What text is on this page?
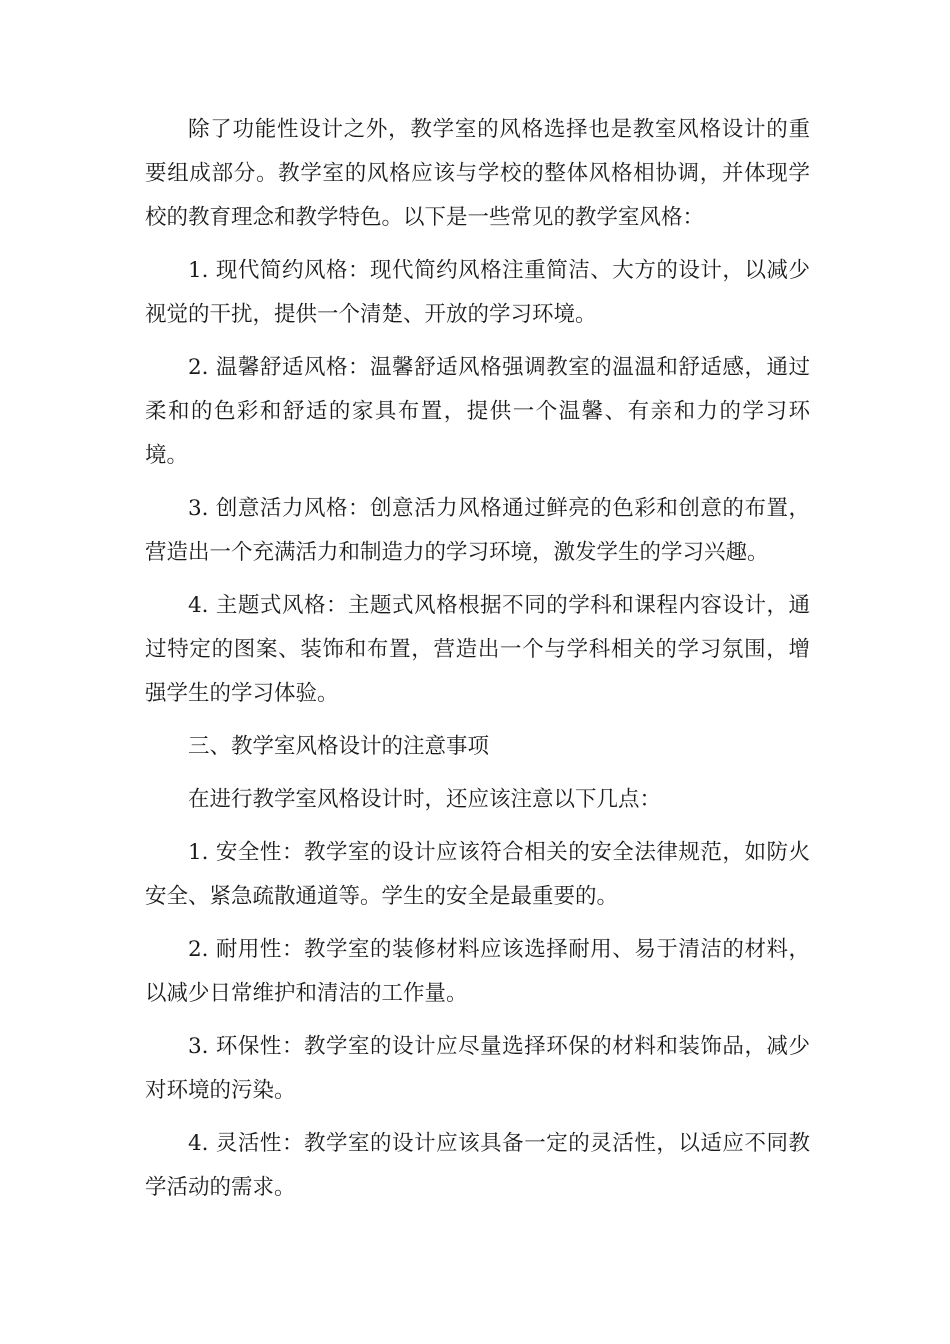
除了功能性设计之外，教学室的风格选择也是教室风格设计的重要组成部分。教学室的风格应该与学校的整体风格相协调，并体现学校的教育理念和教学特色。以下是一些常见的教学室风格：

1. 现代简约风格：现代简约风格注重简洁、大方的设计，以减少视觉的干扰，提供一个清楚、开放的学习环境。

2. 温馨舒适风格：温馨舒适风格强调教室的温温和舒适感，通过柔和的色彩和舒适的家具布置，提供一个温馨、有亲和力的学习环境。

3. 创意活力风格：创意活力风格通过鲜亮的色彩和创意的布置，营造出一个充满活力和制造力的学习环境，激发学生的学习兴趣。

4. 主题式风格：主题式风格根据不同的学科和课程内容设计，通过特定的图案、装饰和布置，营造出一个与学科相关的学习氛围，增强学生的学习体验。

三、教学室风格设计的注意事项

在进行教学室风格设计时，还应该注意以下几点：

1. 安全性：教学室的设计应该符合相关的安全法律规范，如防火安全、紧急疏散通道等。学生的安全是最重要的。

2. 耐用性：教学室的装修材料应该选择耐用、易于清洁的材料，以减少日常维护和清洁的工作量。

3. 环保性：教学室的设计应尽量选择环保的材料和装饰品，减少对环境的污染。

4. 灵活性：教学室的设计应该具备一定的灵活性，以适应不同教学活动的需求。
